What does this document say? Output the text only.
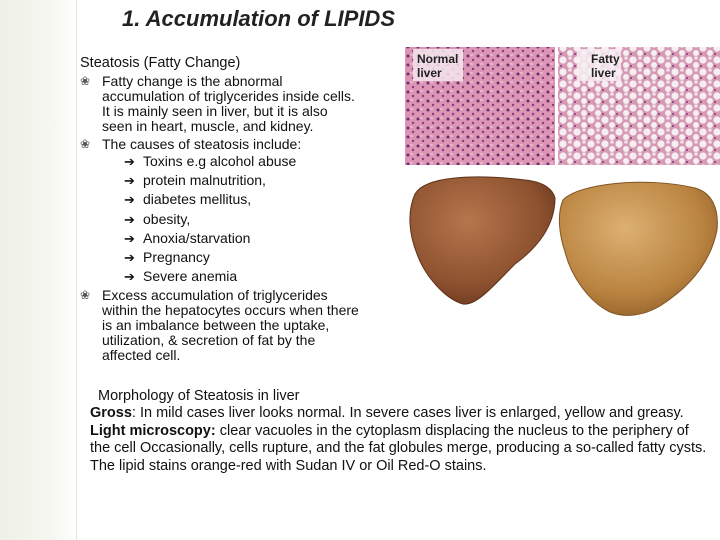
1. Accumulation of LIPIDS
Steatosis (Fatty Change)
❀ Fatty change is the abnormal
accumulation of triglycerides inside cells.
It is mainly seen in liver, but it is also
seen in heart, muscle, and kidney.
❀ The causes of steatosis include:
➔ Toxins e.g alcohol abuse
➔ protein malnutrition,
➔ diabetes mellitus,
➔ obesity,
➔ Anoxia/starvation
➔ Pregnancy
➔ Severe anemia
❀ Excess accumulation of triglycerides
within the hepatocytes occurs when there
is an imbalance between the uptake,
utilization, & secretion of fat by the
affected cell.
Normal
liver
Fatty
liver
Morphology of Steatosis in liver
Gross: In mild cases liver looks normal. In severe cases liver is enlarged, yellow and greasy.
Light microscopy: clear vacuoles in the cytoplasm displacing the nucleus to the periphery of the cell Occasionally, cells rupture, and the fat globules merge, producing a so-called fatty cysts. The lipid stains orange-red with Sudan IV or Oil Red-O stains.
